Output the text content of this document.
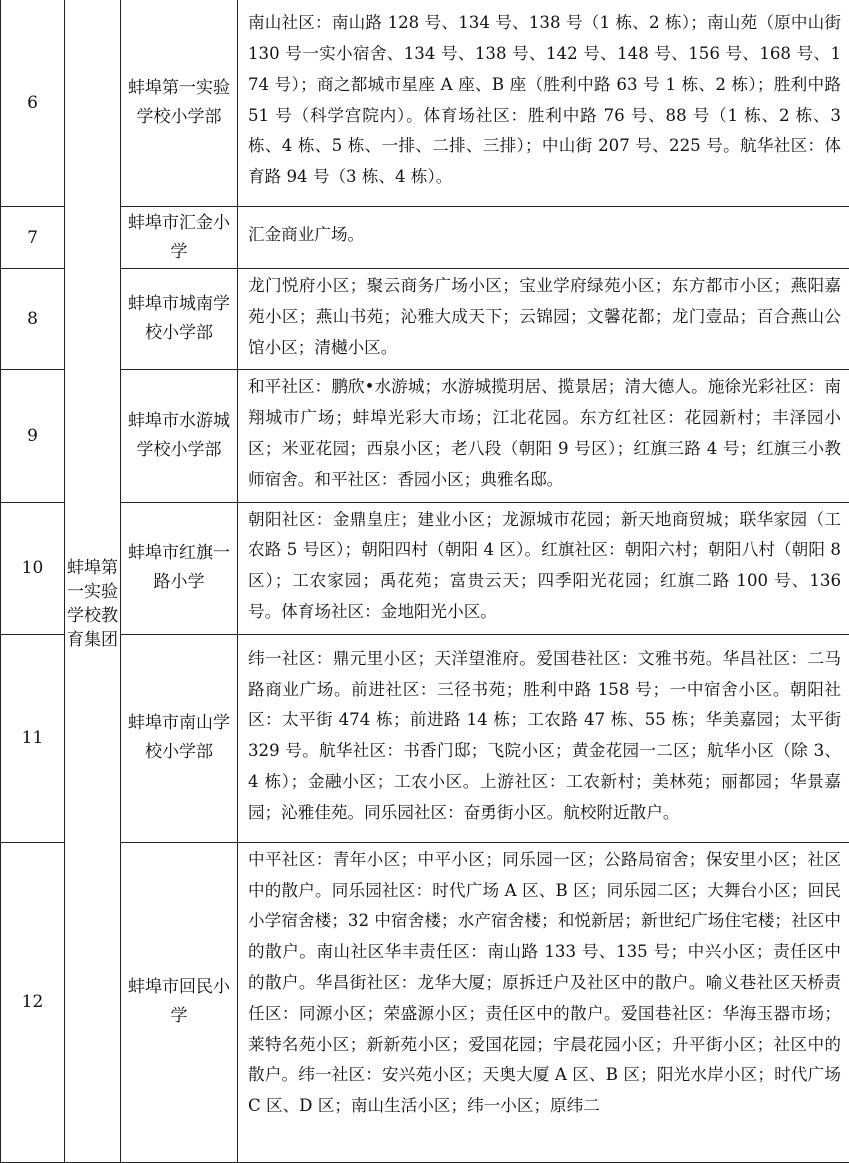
6	蚌埠第一实验学校教育集团	蚌埠第一实验学校小学部	南山社区：南山路 128 号、134 号、138 号（1 栋、2 栋）；南山苑（原中山街 130 号一实小宿舍、134 号、138 号、142 号、148 号、156 号、168 号、174 号）；商之都城市星座 A 座、B 座（胜利中路 63 号 1 栋、2 栋）；胜利中路 51 号（科学宫院内）。体育场社区：胜利中路 76 号、88 号（1 栋、2 栋、3 栋、4 栋、5 栋、一排、二排、三排）；中山街 207 号、225 号。航华社区：体育路 94 号（3 栋、4 栋）。
7		蚌埠市汇金小学	汇金商业广场。
8		蚌埠市城南学校小学部	龙门悦府小区；聚云商务广场小区；宝业学府绿苑小区；东方都市小区；燕阳嘉苑小区；燕山书苑；沁雅大成天下；云锦园；文馨花都；龙门壹品；百合燕山公馆小区；清樾小区。
9		蚌埠市水游城学校小学部	和平社区：鹏欣•水游城；水游城揽玥居、揽景居；清大德人。施徐光彩社区：南翔城市广场；蚌埠光彩大市场；江北花园。东方红社区：花园新村；丰泽园小区；米亚花园；西泉小区；老八段（朝阳 9 号区）；红旗三路 4 号；红旗三小教师宿舍。和平社区：香园小区；典雅名邸。
10		蚌埠市红旗一路小学	朝阳社区：金鼎皇庄；建业小区；龙源城市花园；新天地商贸城；联华家园（工农路 5 号区）；朝阳四村（朝阳 4 区）。红旗社区：朝阳六村；朝阳八村（朝阳 8 区）；工农家园；禹花苑；富贵云天；四季阳光花园；红旗二路 100 号、136 号。体育场社区：金地阳光小区。
11		蚌埠市南山学校小学部	纬一社区：鼎元里小区；天洋望淮府。爱国巷社区：文雅书苑。华昌社区：二马路商业广场。前进社区：三径书苑；胜利中路 158 号；一中宿舍小区。朝阳社区：太平街 474 栋；前进路 14 栋；工农路 47 栋、55 栋；华美嘉园；太平街 329 号。航华社区：书香门邸；飞院小区；黄金花园一二区；航华小区（除 3、4 栋）；金融小区；工农小区。上游社区：工农新村；美林苑；丽都园；华景嘉园；沁雅佳苑。同乐园社区：奋勇街小区。航校附近散户。
12		蚌埠市回民小学	中平社区：青年小区；中平小区；同乐园一区；公路局宿舍；保安里小区；社区中的散户。同乐园社区：时代广场 A 区、B 区；同乐园二区；大舞台小区；回民小学宿舍楼；32 中宿舍楼；水产宿舍楼；和悦新居；新世纪广场住宅楼；社区中的散户。南山社区华丰责任区：南山路 133 号、135 号；中兴小区；责任区中的散户。华昌街社区：龙华大厦；原拆迁户及社区中的散户。喻义巷社区天桥责任区：同源小区；荣盛源小区；责任区中的散户。爱国巷社区：华海玉器市场；莱特名苑小区；新新苑小区；爱国花园；宇晨花园小区；升平街小区；社区中的散户。纬一社区：安兴苑小区；天奥大厦 A 区、B 区；阳光水岸小区；时代广场 C 区、D 区；南山生活小区；纬一小区；原纬二
